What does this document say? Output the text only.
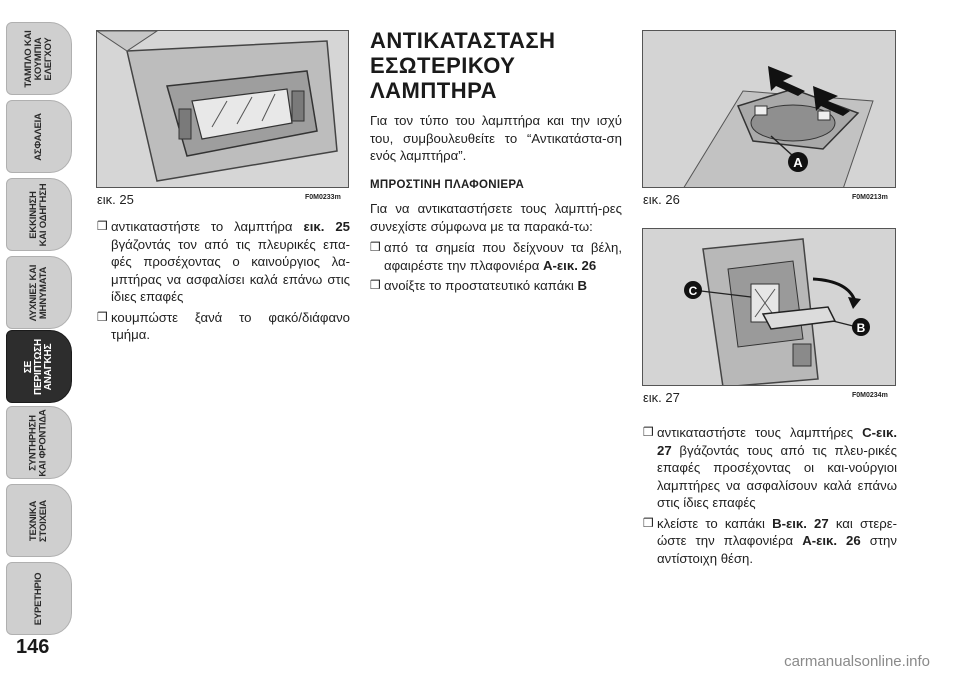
ΤΑΜΠΛΟ ΚΑΙ ΚΟΥΜΠΙΑ ΕΛΕΓΧΟΥ
ΑΣΦΑΛΕΙΑ
ΕΚΚΙΝΗΣΗ ΚΑΙ ΟΔΗΓΗΣΗ
ΛΥΧΝΙΕΣ ΚΑΙ ΜΗΝΥΜΑΤΑ
ΣΕ ΠΕΡΙΠΤΩΣΗ ΑΝΑΓΚΗΣ
ΣΥΝΤΗΡΗΣΗ ΚΑΙ ΦΡΟΝΤΙΔΑ
ΤΕΧΝΙΚΑ ΣΤΟΙΧΕΙΑ
ΕΥΡΕΤΗΡΙΟ
146
εικ. 25	F0M0233m
❒ αντικαταστήστε το λαμπτήρα εικ. 25 βγάζοντάς τον από τις πλευρικές επα-φές προσέχοντας ο καινούργιος λα-μπτήρας να ασφαλίσει καλά επάνω στις ίδιες επαφές
❒ κουμπώστε ξανά το φακό/διάφανο τμήμα.
ΑΝΤΙΚΑΤΑΣΤΑΣΗ
ΕΣΩΤΕΡΙΚΟΥ
ΛΑΜΠΤΗΡΑ
Για τον τύπο του λαμπτήρα και την ισχύ του, συμβουλευθείτε το “Αντικατάστα-ση ενός λαμπτήρα”.
ΜΠΡΟΣΤΙΝΗ ΠΛΑΦΟΝΙΕΡΑ
Για να αντικαταστήσετε τους λαμπτή-ρες συνεχίστε σύμφωνα με τα παρακά-τω:
❒ από τα σημεία που δείχνουν τα βέλη, αφαιρέστε την πλαφονιέρα A-εικ. 26
❒ ανοίξτε το προστατευτικό καπάκι B
A
εικ. 26	F0M0213m
C
B
εικ. 27	F0M0234m
❒ αντικαταστήστε τους λαμπτήρες C-εικ. 27 βγάζοντάς τους από τις πλευ-ρικές επαφές προσέχοντας οι και-νούργιοι λαμπτήρες να ασφαλίσουν καλά επάνω στις ίδιες επαφές
❒ κλείστε το καπάκι B-εικ. 27 και στερε-ώστε την πλαφονιέρα A-εικ. 26 στην αντίστοιχη θέση.
carmanualsonline.info
